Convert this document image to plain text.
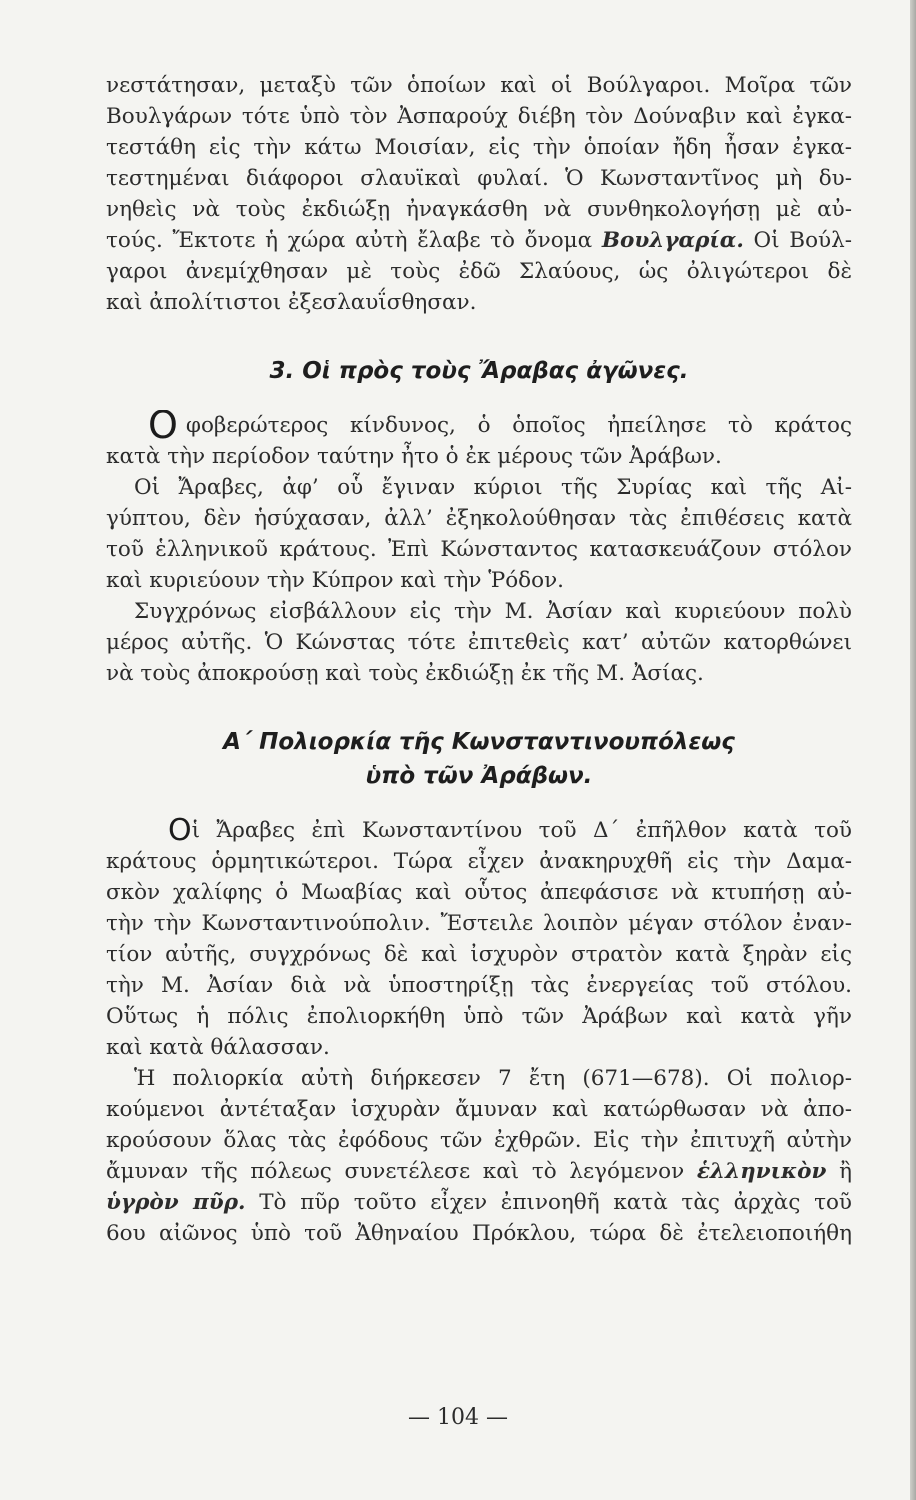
νεστάτησαν, μεταξὺ τῶν ὁποίων καὶ οἱ Βούλγαροι. Μοῖρα τῶν
Βουλγάρων τότε ὑπὸ τὸν Ἀσπαρούχ διέβη τὸν Δούναβιν καὶ ἐγκα-
τεστάθη εἰς τὴν κάτω Μοισίαν, εἰς τὴν ὁποίαν ἤδη ἦσαν ἐγκα-
τεστημέναι διάφοροι σλαυϊκαὶ φυλαί. Ὁ Κωνσταντῖνος μὴ δυ-
νηθεὶς νὰ τοὺς ἐκδιώξῃ ἠναγκάσθη νὰ συνθηκολογήσῃ μὲ αὐ-
τούς. Ἔκτοτε ἡ χώρα αὐτὴ ἔλαβε τὸ ὄνομα Βουλγαρία. Οἱ Βούλ-
γαροι ἀνεμίχθησαν μὲ τοὺς ἐδῶ Σλαύους, ὡς ὀλιγώτεροι δὲ
καὶ ἀπολίτιστοι ἐξεσλαυΐσθησαν.
3. Οἱ πρὸς τοὺς Ἄραβας ἀγῶνες.
Οφοβερώτερος κίνδυνος, ὁ ὁποῖος ἠπείλησε τὸ κράτος
κατὰ τὴν περίοδον ταύτην ἦτο ὁ ἐκ μέρους τῶν Ἀράβων.
Οἱ Ἄραβες, ἀφ’ οὗ ἔγιναν κύριοι τῆς Συρίας καὶ τῆς Αἰ-
γύπτου, δὲν ἡσύχασαν, ἀλλ’ ἐξηκολούθησαν τὰς ἐπιθέσεις κατὰ
τοῦ ἑλληνικοῦ κράτους. Ἐπὶ Κώνσταντος κατασκευάζουν στόλον
καὶ κυριεύουν τὴν Κύπρον καὶ τὴν Ῥόδον.
Συγχρόνως εἰσβάλλουν εἰς τὴν Μ. Ἀσίαν καὶ κυριεύουν πολὺ
μέρος αὐτῆς. Ὁ Κώνστας τότε ἐπιτεθεὶς κατ’ αὐτῶν κατορθώνει
νὰ τοὺς ἀποκρούσῃ καὶ τοὺς ἐκδιώξῃ ἐκ τῆς Μ. Ἀσίας.
Α΄ Πολιορκία τῆς Κωνσταντινουπόλεως
ὑπὸ τῶν Ἀράβων.
Οἱ Ἄραβες ἐπὶ Κωνσταντίνου τοῦ Δ΄ ἐπῆλθον κατὰ τοῦ
κράτους ὁρμητικώτεροι. Τώρα εἶχεν ἀνακηρυχθῆ εἰς τὴν Δαμα-
σκὸν χαλίφης ὁ Μωαβίας καὶ οὗτος ἀπεφάσισε νὰ κτυπήσῃ αὐ-
τὴν τὴν Κωνσταντινούπολιν. Ἔστειλε λοιπὸν μέγαν στόλον ἐναν-
τίον αὐτῆς, συγχρόνως δὲ καὶ ἰσχυρὸν στρατὸν κατὰ ξηρὰν εἰς
τὴν Μ. Ἀσίαν διὰ νὰ ὑποστηρίξῃ τὰς ἐνεργείας τοῦ στόλου.
Οὕτως ἡ πόλις ἐπολιορκήθη ὑπὸ τῶν Ἀράβων καὶ κατὰ γῆν
καὶ κατὰ θάλασσαν.
Ἡ πολιορκία αὐτὴ διήρκεσεν 7 ἔτη (671—678). Οἱ πολιορ-
κούμενοι ἀντέταξαν ἰσχυρὰν ἄμυναν καὶ κατώρθωσαν νὰ ἀπο-
κρούσουν ὅλας τὰς ἐφόδους τῶν ἐχθρῶν. Εἰς τὴν ἐπιτυχῆ αὐτὴν
ἄμυναν τῆς πόλεως συνετέλεσε καὶ τὸ λεγόμενον ἑλληνικὸν ἢ
ὑγρὸν πῦρ. Τὸ πῦρ τοῦτο εἶχεν ἐπινοηθῆ κατὰ τὰς ἀρχὰς τοῦ
6ου αἰῶνος ὑπὸ τοῦ Ἀθηναίου Πρόκλου, τώρα δὲ ἐτελειοποιήθη
— 104 —
